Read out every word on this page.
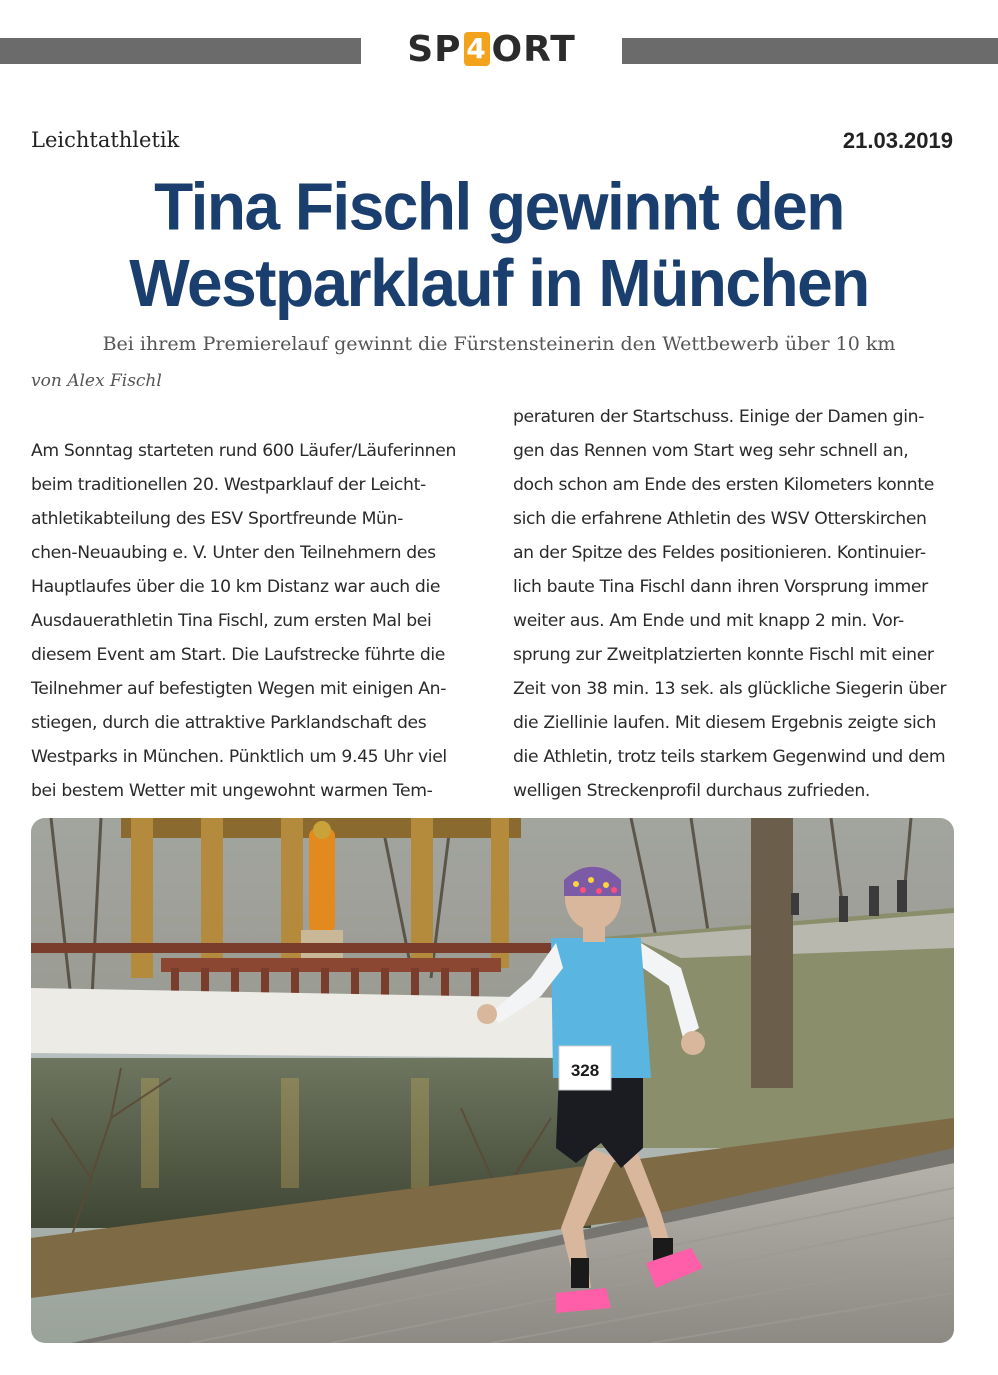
SP 4 ORT
Leichtathletik	21.03.2019
Tina Fischl gewinnt den
Westparklauf in München
Bei ihrem Premierelauf gewinnt die Fürstensteinerin den Wettbewerb über 10 km
von Alex Fischl
Am Sonntag starteten rund 600 Läufer/Läuferinnen
beim traditionellen 20. Westparklauf der Leicht-
athletikabteilung des ESV Sportfreunde Mün-
chen-Neuaubing e. V. Unter den Teilnehmern des
Hauptlaufes über die 10 km Distanz war auch die
Ausdauerathletin Tina Fischl, zum ersten Mal bei
diesem Event am Start. Die Laufstrecke führte die
Teilnehmer auf befestigten Wegen mit einigen An-
stiegen, durch die attraktive Parklandschaft des
Westparks in München. Pünktlich um 9.45 Uhr viel
bei bestem Wetter mit ungewohnt warmen Tem-
peraturen der Startschuss. Einige der Damen gin-
gen das Rennen vom Start weg sehr schnell an,
doch schon am Ende des ersten Kilometers konnte
sich die erfahrene Athletin des WSV Otterskirchen
an der Spitze des Feldes positionieren. Kontinuier-
lich baute Tina Fischl dann ihren Vorsprung immer
weiter aus. Am Ende und mit knapp 2 min. Vor-
sprung zur Zweitplatzierten konnte Fischl mit einer
Zeit von 38 min. 13 sek. als glückliche Siegerin über
die Ziellinie laufen. Mit diesem Ergebnis zeigte sich
die Athletin, trotz teils starkem Gegenwind und dem
welligen Streckenprofil durchaus zufrieden.
328
